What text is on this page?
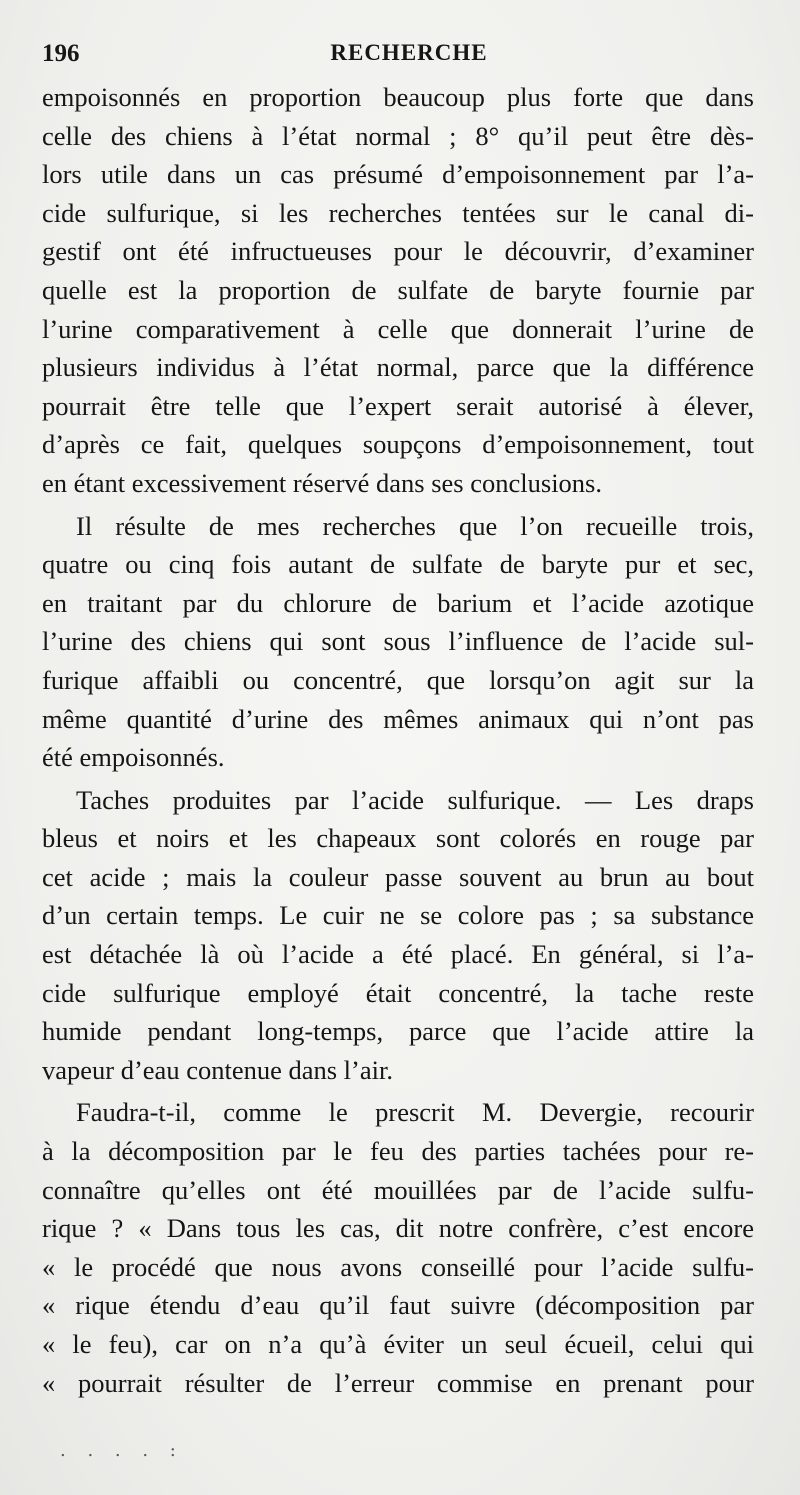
196	RECHERCHE
empoisonnés en proportion beaucoup plus forte que dans
celle des chiens à l’état normal ; 8° qu’il peut être dès-
lors utile dans un cas présumé d’empoisonnement par l’a-
cide sulfurique, si les recherches tentées sur le canal di-
gestif ont été infructueuses pour le découvrir, d’examiner
quelle est la proportion de sulfate de baryte fournie par
l’urine comparativement à celle que donnerait l’urine de
plusieurs individus à l’état normal, parce que la différence
pourrait être telle que l’expert serait autorisé à élever,
d’après ce fait, quelques soupçons d’empoisonnement, tout
en étant excessivement réservé dans ses conclusions.
Il résulte de mes recherches que l’on recueille trois,
quatre ou cinq fois autant de sulfate de baryte pur et sec,
en traitant par du chlorure de barium et l’acide azotique
l’urine des chiens qui sont sous l’influence de l’acide sul-
furique affaibli ou concentré, que lorsqu’on agit sur la
même quantité d’urine des mêmes animaux qui n’ont pas
été empoisonnés.
Taches produites par l’acide sulfurique. — Les draps
bleus et noirs et les chapeaux sont colorés en rouge par
cet acide ; mais la couleur passe souvent au brun au bout
d’un certain temps. Le cuir ne se colore pas ; sa substance
est détachée là où l’acide a été placé. En général, si l’a-
cide sulfurique employé était concentré, la tache reste
humide pendant long-temps, parce que l’acide attire la
vapeur d’eau contenue dans l’air.
Faudra-t-il, comme le prescrit M. Devergie, recourir
à la décomposition par le feu des parties tachées pour re-
connaître qu’elles ont été mouillées par de l’acide sulfu-
rique ? « Dans tous les cas, dit notre confrère, c’est encore
« le procédé que nous avons conseillé pour l’acide sulfu-
« rique étendu d’eau qu’il faut suivre (décomposition par
« le feu), car on n’a qu’à éviter un seul écueil, celui qui
« pourrait résulter de l’erreur commise en prenant pour
. . . . :
